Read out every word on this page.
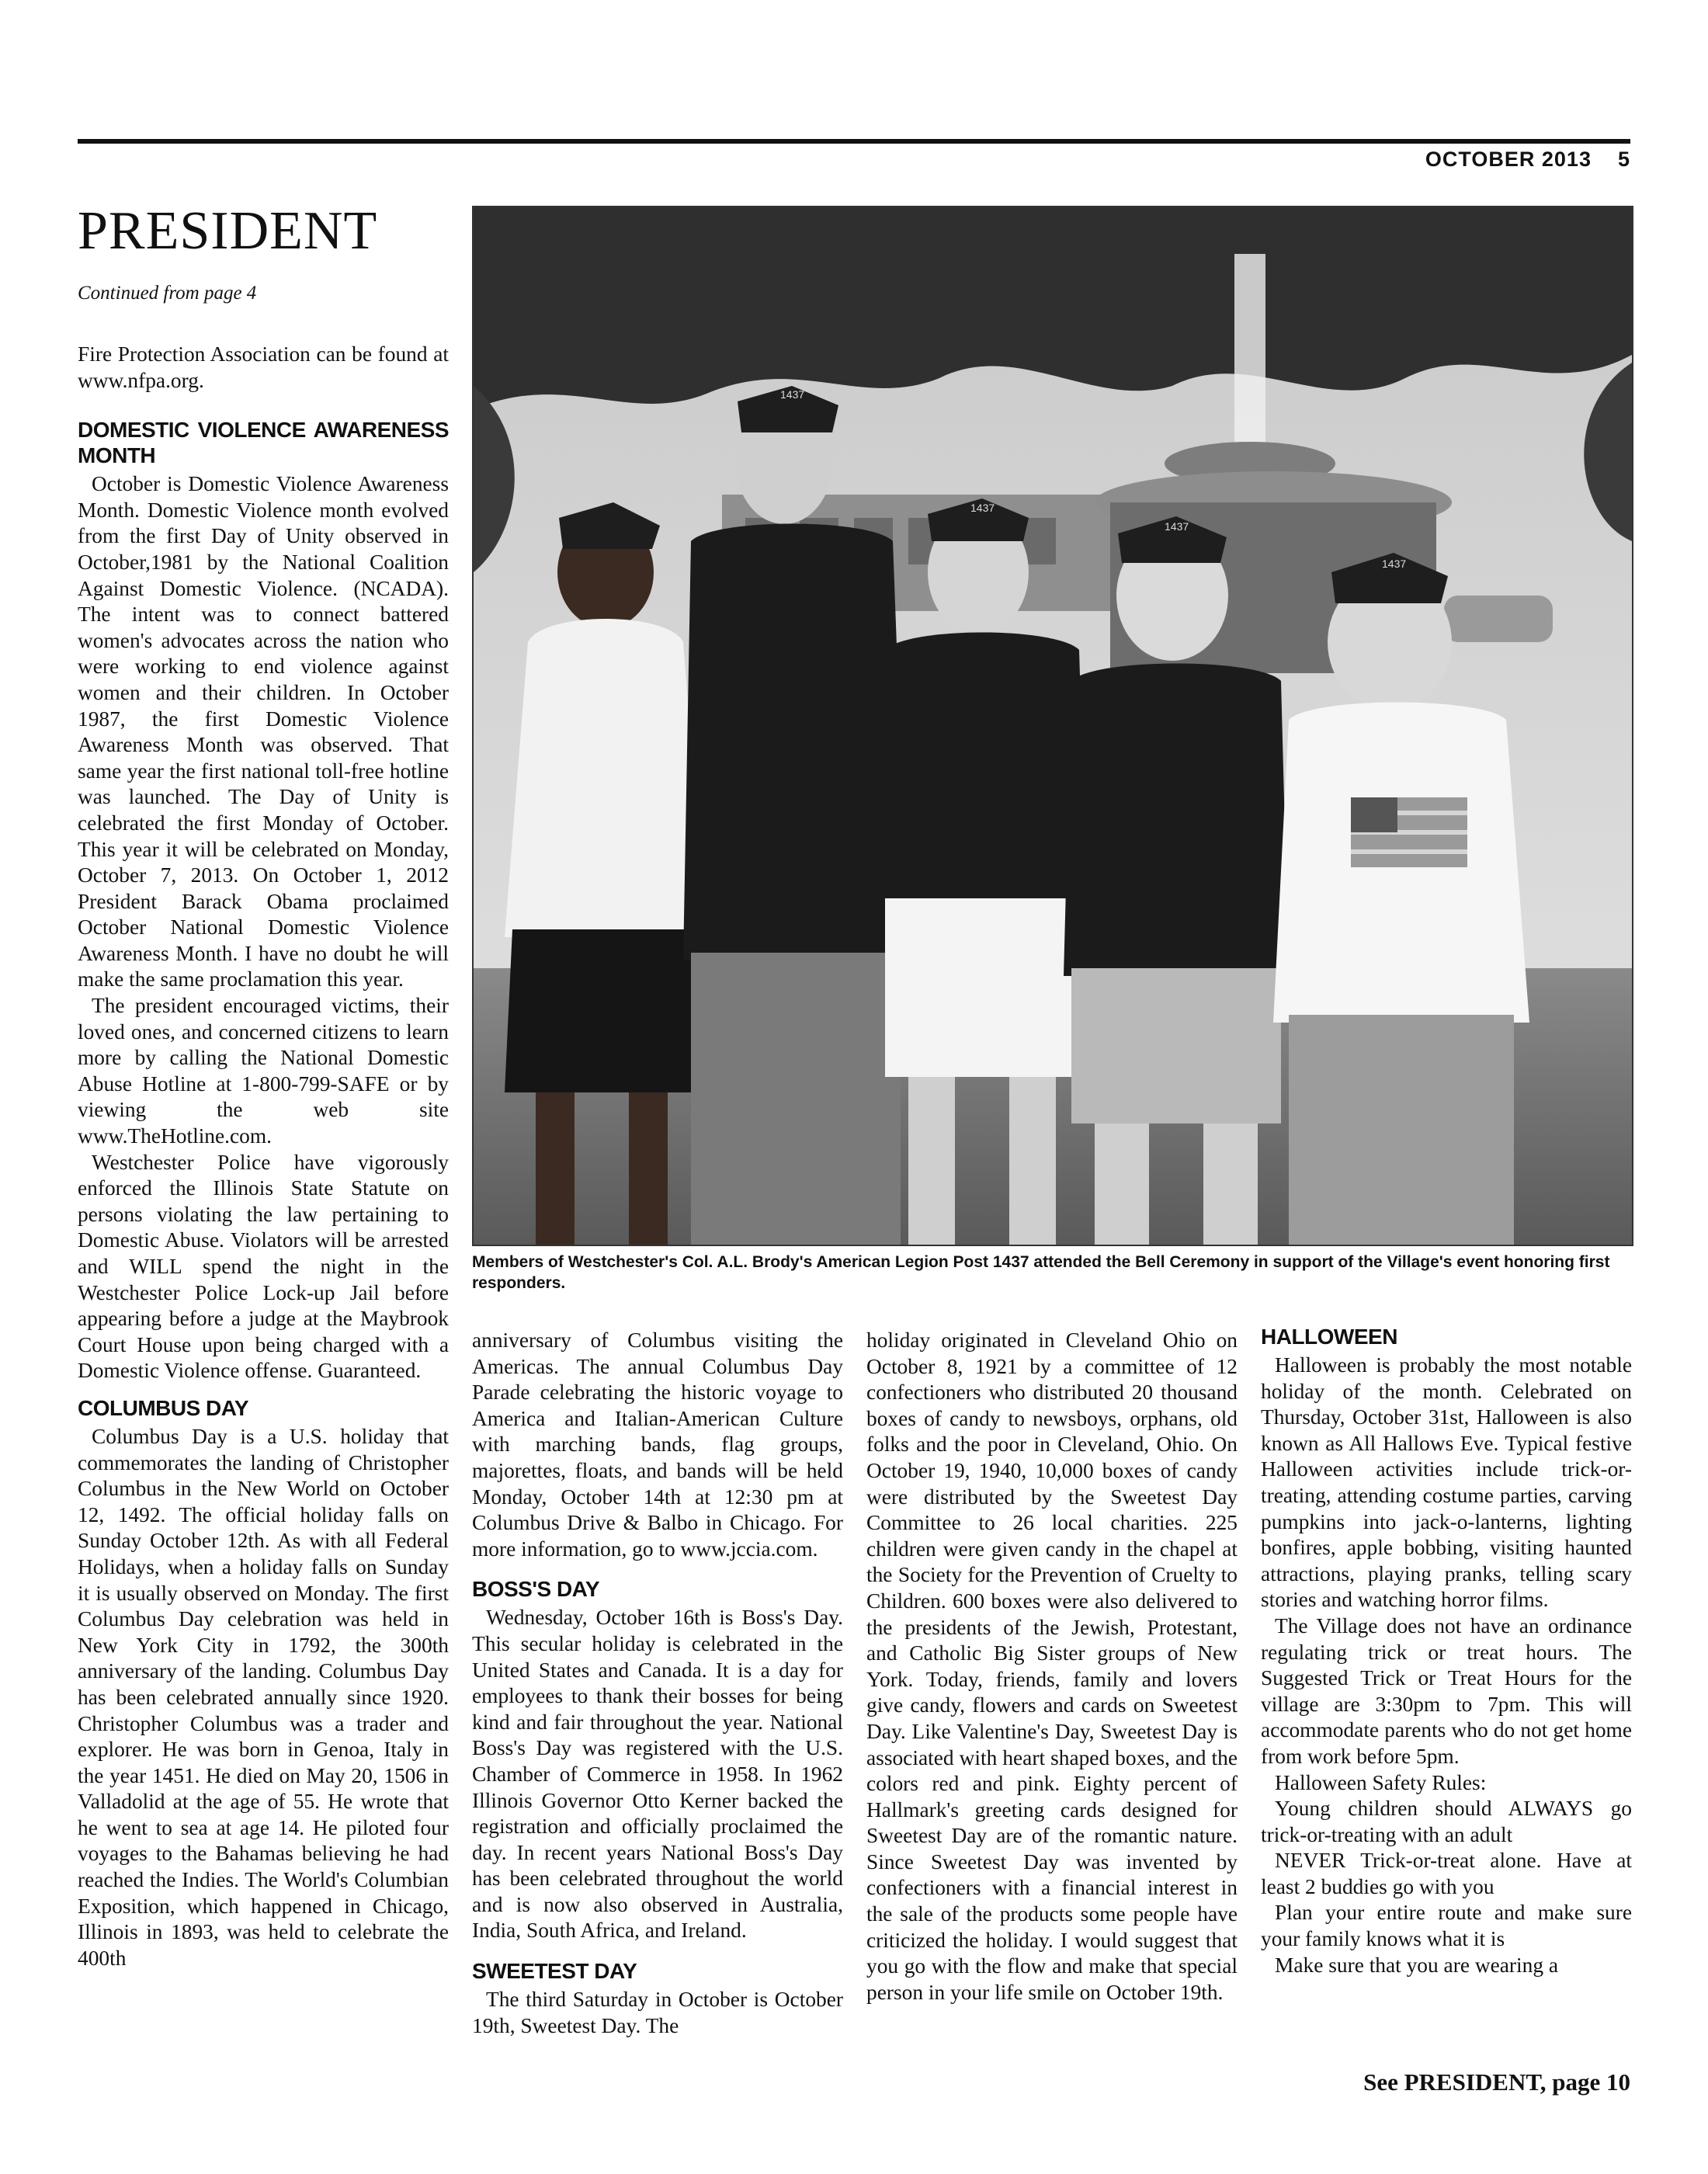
OCTOBER 2013 5
PRESIDENT
Continued from page 4

Fire Protection Association can be found at www.nfpa.org.

DOMESTIC VIOLENCE AWARENESS MONTH

October is Domestic Violence Awareness Month. Domestic Violence month evolved from the first Day of Unity observed in October,1981 by the National Coalition Against Domestic Violence. (NCADA). The intent was to connect battered women's advocates across the nation who were working to end violence against women and their children. In October 1987, the first Domestic Violence Awareness Month was observed. That same year the first national toll-free hotline was launched. The Day of Unity is celebrated the first Monday of October. This year it will be celebrated on Monday, October 7, 2013. On October 1, 2012 President Barack Obama proclaimed October National Domestic Violence Awareness Month. I have no doubt he will make the same proclamation this year.

The president encouraged victims, their loved ones, and concerned citizens to learn more by calling the National Domestic Abuse Hotline at 1-800-799-SAFE or by viewing the web site www.TheHotline.com.

Westchester Police have vigorously enforced the Illinois State Statute on persons violating the law pertaining to Domestic Abuse. Violators will be arrested and WILL spend the night in the Westchester Police Lock-up Jail before appearing before a judge at the Maybrook Court House upon being charged with a Domestic Violence offense. Guaranteed.

COLUMBUS DAY

Columbus Day is a U.S. holiday that commemorates the landing of Christopher Columbus in the New World on October 12, 1492. The official holiday falls on Sunday October 12th. As with all Federal Holidays, when a holiday falls on Sunday it is usually observed on Monday. The first Columbus Day celebration was held in New York City in 1792, the 300th anniversary of the landing. Columbus Day has been celebrated annually since 1920. Christopher Columbus was a trader and explorer. He was born in Genoa, Italy in the year 1451. He died on May 20, 1506 in Valladolid at the age of 55. He wrote that he went to sea at age 14. He piloted four voyages to the Bahamas believing he had reached the Indies. The World's Columbian Exposition, which happened in Chicago, Illinois in 1893, was held to celebrate the 400th

1437
1437
1437
1437
Members of Westchester's Col. A.L. Brody's American Legion Post 1437 attended the Bell Ceremony in support of the Village's event honoring first responders.

anniversary of Columbus visiting the Americas. The annual Columbus Day Parade celebrating the historic voyage to America and Italian-American Culture with marching bands, flag groups, majorettes, floats, and bands will be held Monday, October 14th at 12:30 pm at Columbus Drive & Balbo in Chicago. For more information, go to www.jccia.com.

BOSS'S DAY

Wednesday, October 16th is Boss's Day. This secular holiday is celebrated in the United States and Canada. It is a day for employees to thank their bosses for being kind and fair throughout the year. National Boss's Day was registered with the U.S. Chamber of Commerce in 1958. In 1962 Illinois Governor Otto Kerner backed the registration and officially proclaimed the day. In recent years National Boss's Day has been celebrated throughout the world and is now also observed in Australia, India, South Africa, and Ireland.

SWEETEST DAY

The third Saturday in October is October 19th, Sweetest Day. The

holiday originated in Cleveland Ohio on October 8, 1921 by a committee of 12 confectioners who distributed 20 thousand boxes of candy to newsboys, orphans, old folks and the poor in Cleveland, Ohio. On October 19, 1940, 10,000 boxes of candy were distributed by the Sweetest Day Committee to 26 local charities. 225 children were given candy in the chapel at the Society for the Prevention of Cruelty to Children. 600 boxes were also delivered to the presidents of the Jewish, Protestant, and Catholic Big Sister groups of New York. Today, friends, family and lovers give candy, flowers and cards on Sweetest Day. Like Valentine's Day, Sweetest Day is associated with heart shaped boxes, and the colors red and pink. Eighty percent of Hallmark's greeting cards designed for Sweetest Day are of the romantic nature. Since Sweetest Day was invented by confectioners with a financial interest in the sale of the products some people have criticized the holiday. I would suggest that you go with the flow and make that special person in your life smile on October 19th.

HALLOWEEN

Halloween is probably the most notable holiday of the month. Celebrated on Thursday, October 31st, Halloween is also known as All Hallows Eve. Typical festive Halloween activities include trick-or-treating, attending costume parties, carving pumpkins into jack-o-lanterns, lighting bonfires, apple bobbing, visiting haunted attractions, playing pranks, telling scary stories and watching horror films.

The Village does not have an ordinance regulating trick or treat hours. The Suggested Trick or Treat Hours for the village are 3:30pm to 7pm. This will accommodate parents who do not get home from work before 5pm.

Halloween Safety Rules:

Young children should ALWAYS go trick-or-treating with an adult

NEVER Trick-or-treat alone. Have at least 2 buddies go with you

Plan your entire route and make sure your family knows what it is

Make sure that you are wearing a

See PRESIDENT, page 10
